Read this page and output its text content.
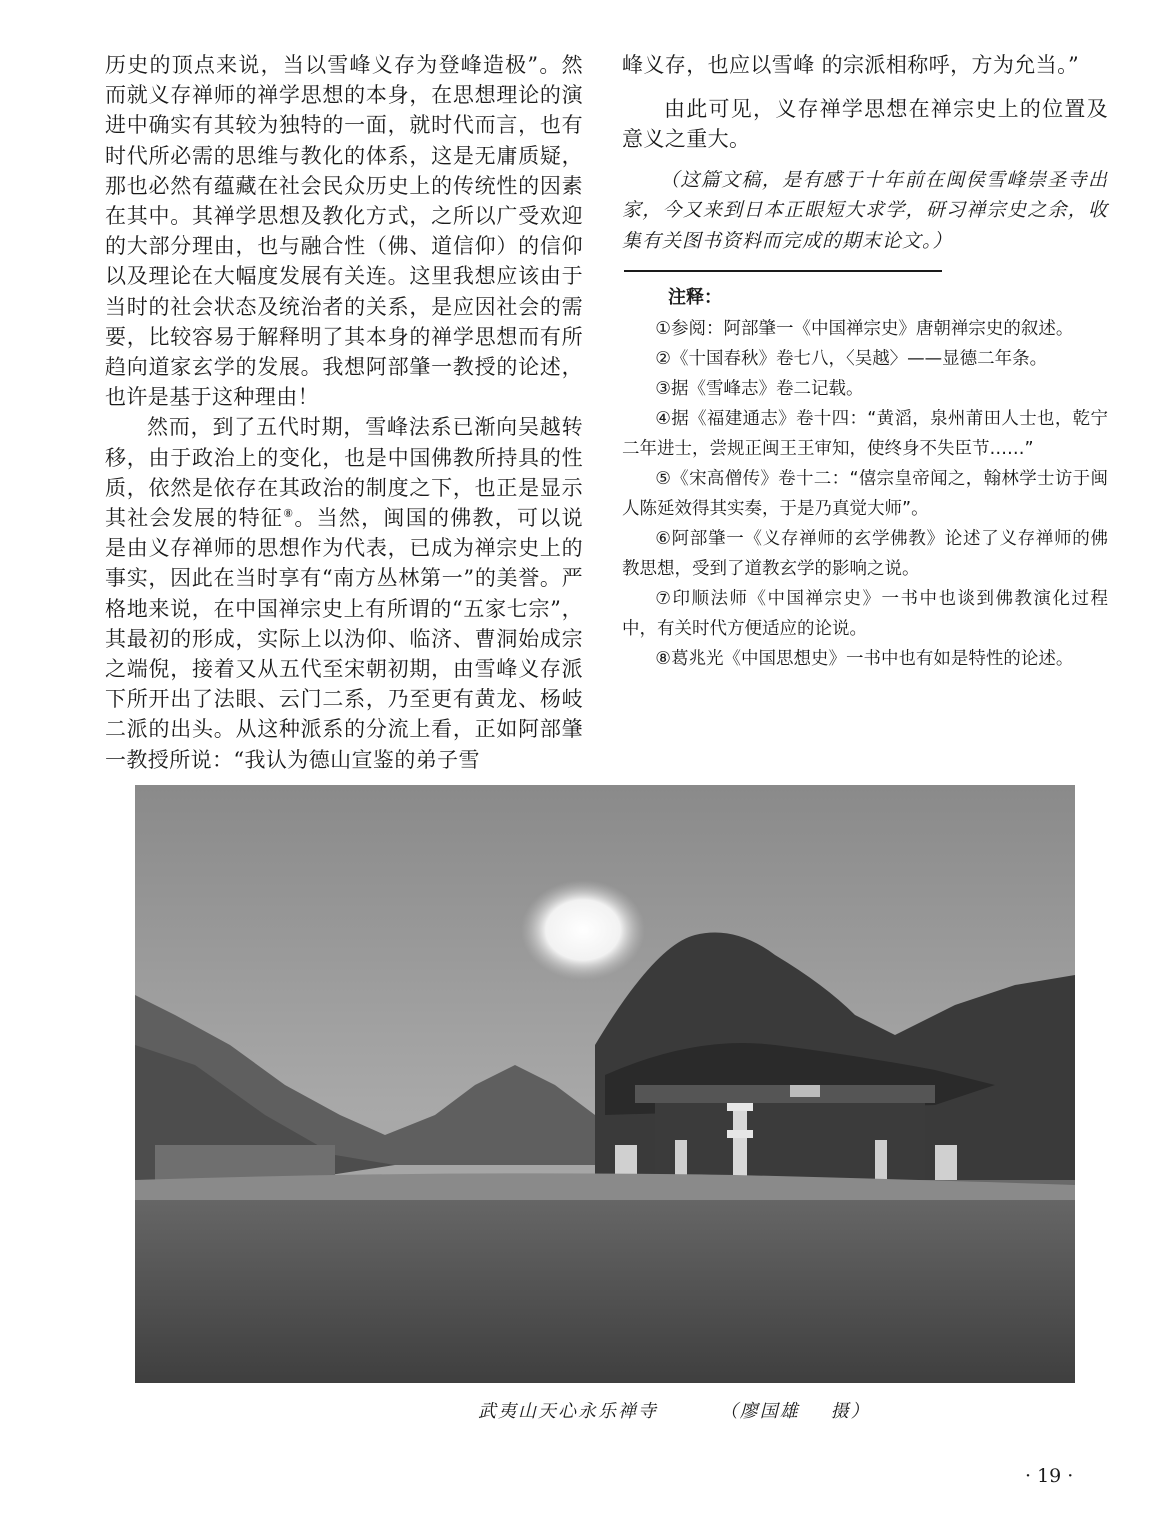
历史的顶点来说，当以雪峰义存为登峰造极”。然而就义存禅师的禅学思想的本身，在思想理论的演进中确实有其较为独特的一面，就时代而言，也有时代所必需的思维与教化的体系，这是无庸质疑，那也必然有蕴藏在社会民众历史上的传统性的因素在其中。其禅学思想及教化方式，之所以广受欢迎的大部分理由，也与融合性（佛、道信仰）的信仰以及理论在大幅度发展有关连。这里我想应该由于当时的社会状态及统治者的关系，是应因社会的需要，比较容易于解释明了其本身的禅学思想而有所趋向道家玄学的发展。我想阿部肇一教授的论述，也许是基于这种理由！

然而，到了五代时期，雪峰法系已渐向吴越转移，由于政治上的变化，也是中国佛教所持具的性质，依然是依存在其政治的制度之下，也正是显示其社会发展的特征⑧。当然，闽国的佛教，可以说是由义存禅师的思想作为代表，已成为禅宗史上的事实，因此在当时享有“南方丛林第一”的美誉。严格地来说，在中国禅宗史上有所谓的“五家七宗”，其最初的形成，实际上以沩仰、临济、曹洞始成宗之端倪，接着又从五代至宋朝初期，由雪峰义存派下所开出了法眼、云门二系，乃至更有黄龙、杨岐二派的出头。从这种派系的分流上看，正如阿部肇一教授所说：“我认为德山宣鉴的弟子雪

峰义存，也应以雪峰 的宗派相称呼，方为允当。”

由此可见，义存禅学思想在禅宗史上的位置及意义之重大。

（这篇文稿，是有感于十年前在闽侯雪峰崇圣寺出家，今又来到日本正眼短大求学，研习禅宗史之余，收集有关图书资料而完成的期末论文。）

注释：

①参阅：阿部肇一《中国禅宗史》唐朝禅宗史的叙述。

②《十国春秋》卷七八，〈吴越〉——显德二年条。

③据《雪峰志》卷二记载。

④据《福建通志》卷十四：“黄滔，泉州莆田人士也，乾宁二年进士，尝规正闽王王审知，使终身不失臣节……”

⑤《宋高僧传》卷十二：“僖宗皇帝闻之，翰林学士访于闽人陈延效得其实奏，于是乃真觉大师”。

⑥阿部肇一《义存禅师的玄学佛教》论述了义存禅师的佛教思想，受到了道教玄学的影响之说。

⑦印顺法师《中国禅宗史》一书中也谈到佛教演化过程中，有关时代方便适应的论说。

⑧葛兆光《中国思想史》一书中也有如是特性的论述。

武夷山天心永乐禅寺        （廖国雄    摄）
· 19 ·
